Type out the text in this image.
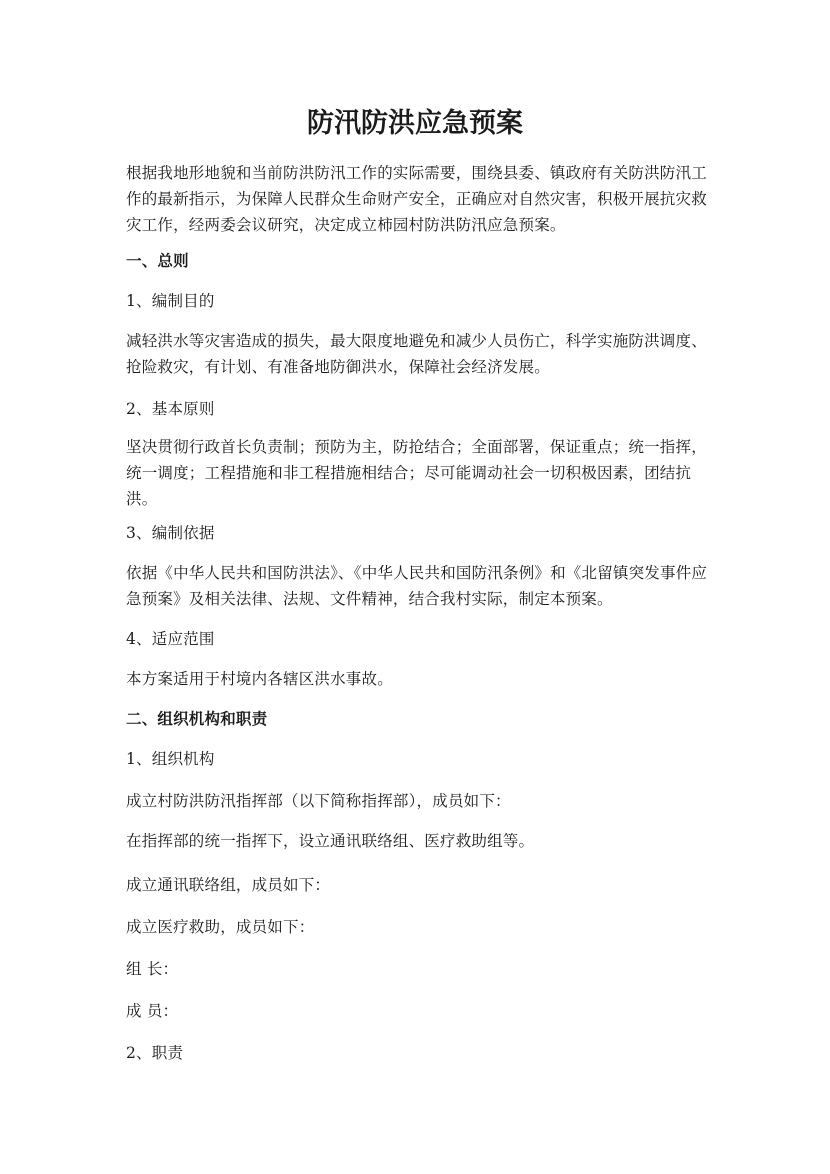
防汛防洪应急预案

根据我地形地貌和当前防洪防汛工作的实际需要，围绕县委、镇政府有关防洪防汛工作的最新指示，为保障人民群众生命财产安全，正确应对自然灾害，积极开展抗灾救灾工作，经两委会议研究，决定成立柿园村防洪防汛应急预案。

一、总则

1、编制目的

减轻洪水等灾害造成的损失，最大限度地避免和减少人员伤亡，科学实施防洪调度、抢险救灾，有计划、有准备地防御洪水，保障社会经济发展。

2、基本原则

坚决贯彻行政首长负责制；预防为主，防抢结合；全面部署，保证重点；统一指挥，统一调度；工程措施和非工程措施相结合；尽可能调动社会一切积极因素，团结抗洪。

3、编制依据

依据《中华人民共和国防洪法》、《中华人民共和国防汛条例》和《北留镇突发事件应急预案》及相关法律、法规、文件精神，结合我村实际，制定本预案。

4、适应范围

本方案适用于村境内各辖区洪水事故。

二、组织机构和职责

1、组织机构

成立村防洪防汛指挥部（以下简称指挥部），成员如下：

在指挥部的统一指挥下，设立通讯联络组、医疗救助组等。

成立通讯联络组，成员如下：

成立医疗救助，成员如下：

组 长：

成 员：

2、职责
